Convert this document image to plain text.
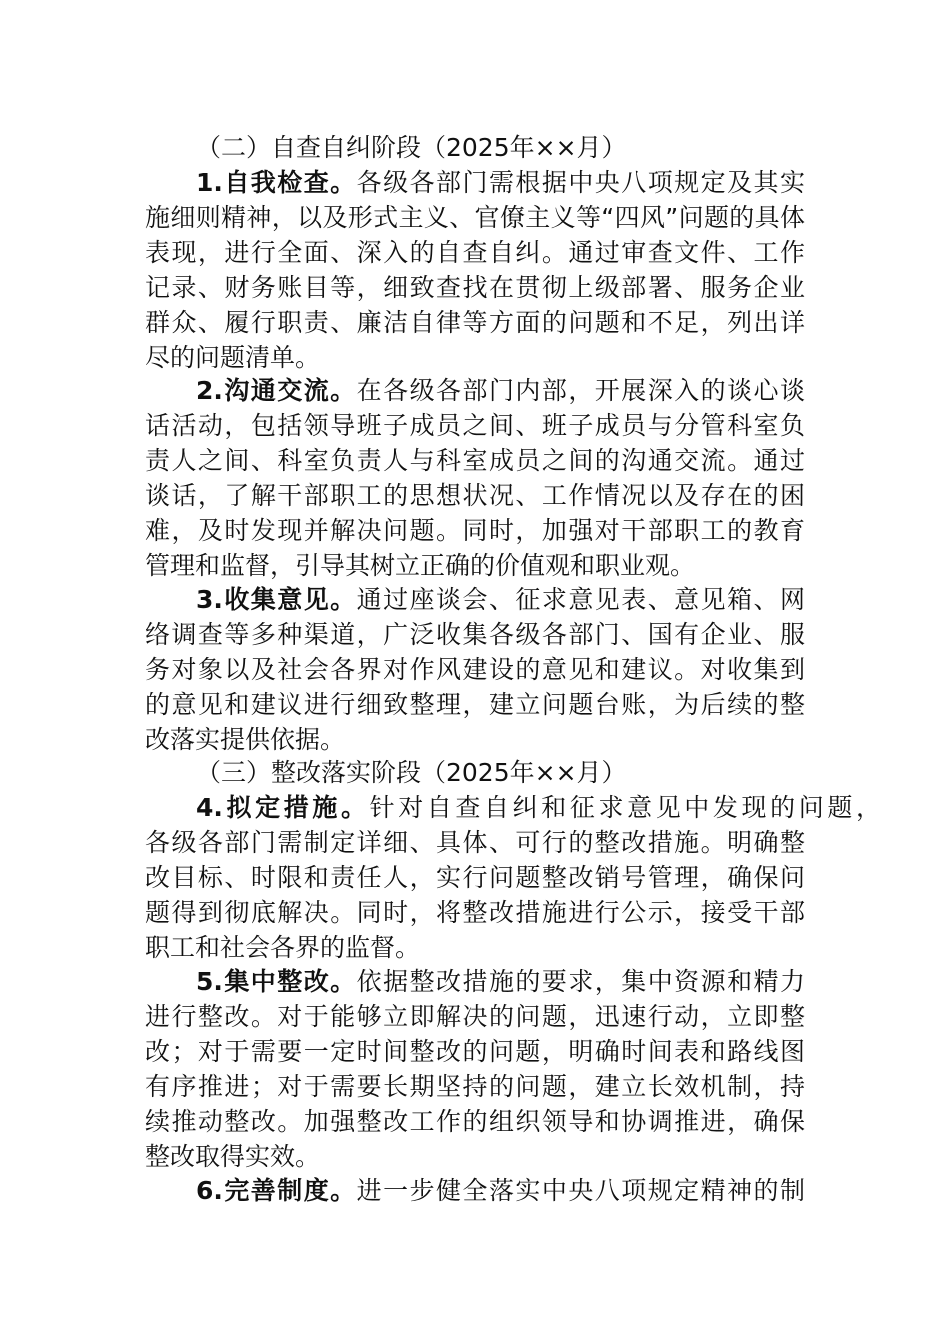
（二）自查自纠阶段（2025年××月）
1.自我检查。各级各部门需根据中央八项规定及其实
施细则精神，以及形式主义、官僚主义等“四风”问题的具体
表现，进行全面、深入的自查自纠。通过审查文件、工作
记录、财务账目等，细致查找在贯彻上级部署、服务企业
群众、履行职责、廉洁自律等方面的问题和不足，列出详
尽的问题清单。
2.沟通交流。在各级各部门内部，开展深入的谈心谈
话活动，包括领导班子成员之间、班子成员与分管科室负
责人之间、科室负责人与科室成员之间的沟通交流。通过
谈话，了解干部职工的思想状况、工作情况以及存在的困
难，及时发现并解决问题。同时，加强对干部职工的教育
管理和监督，引导其树立正确的价值观和职业观。
3.收集意见。通过座谈会、征求意见表、意见箱、网
络调查等多种渠道，广泛收集各级各部门、国有企业、服
务对象以及社会各界对作风建设的意见和建议。对收集到
的意见和建议进行细致整理，建立问题台账，为后续的整
改落实提供依据。
（三）整改落实阶段（2025年××月）
4.拟定措施。针对自查自纠和征求意见中发现的问题，
各级各部门需制定详细、具体、可行的整改措施。明确整
改目标、时限和责任人，实行问题整改销号管理，确保问
题得到彻底解决。同时，将整改措施进行公示，接受干部
职工和社会各界的监督。
5.集中整改。依据整改措施的要求，集中资源和精力
进行整改。对于能够立即解决的问题，迅速行动，立即整
改；对于需要一定时间整改的问题，明确时间表和路线图
有序推进；对于需要长期坚持的问题，建立长效机制，持
续推动整改。加强整改工作的组织领导和协调推进，确保
整改取得实效。
6.完善制度。进一步健全落实中央八项规定精神的制
